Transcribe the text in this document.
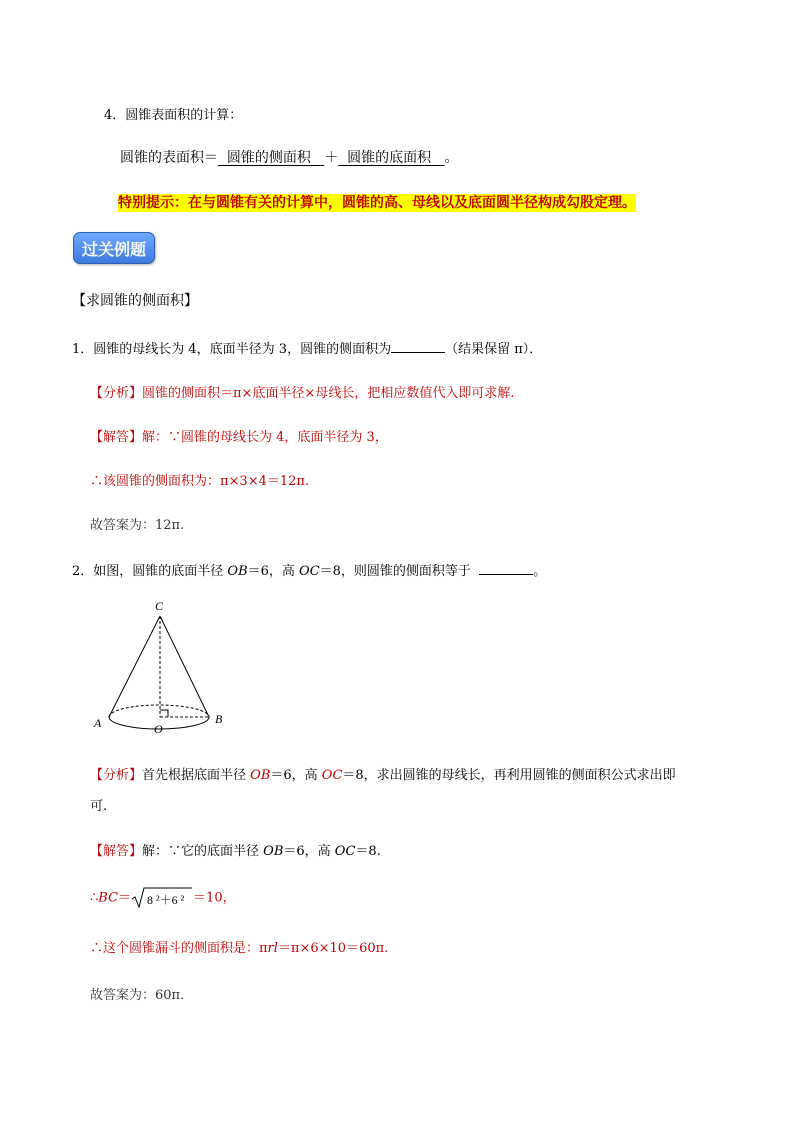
4．圆锥表面积的计算：
圆锥的表面积＝ 圆锥的侧面积 ＋ 圆锥的底面积 。
特别提示：在与圆锥有关的计算中，圆锥的高、母线以及底面圆半径构成勾股定理。
过关例题
【求圆锥的侧面积】
1．圆锥的母线长为 4，底面半径为 3，圆锥的侧面积为	（结果保留 π）．
【分析】圆锥的侧面积＝π×底面半径×母线长，把相应数值代入即可求解.
【解答】解：∵圆锥的母线长为 4，底面半径为 3，
∴该圆锥的侧面积为：π×3×4＝12π.
故答案为：12π.
2．如图，圆锥的底面半径 OB＝6，高 OC＝8，则圆锥的侧面积等于	。
C
A	B
O
【分析】首先根据底面半径 OB＝6，高 OC＝8，求出圆锥的母线长，再利用圆锥的侧面积公式求出即
可.
【解答】解：∵它的底面半径 OB＝6，高 OC＝8.
∴BC＝ 8 ²＋6 ² ＝10，
∴这个圆锥漏斗的侧面积是：πrl＝π×6×10＝60π.
故答案为：60π.
